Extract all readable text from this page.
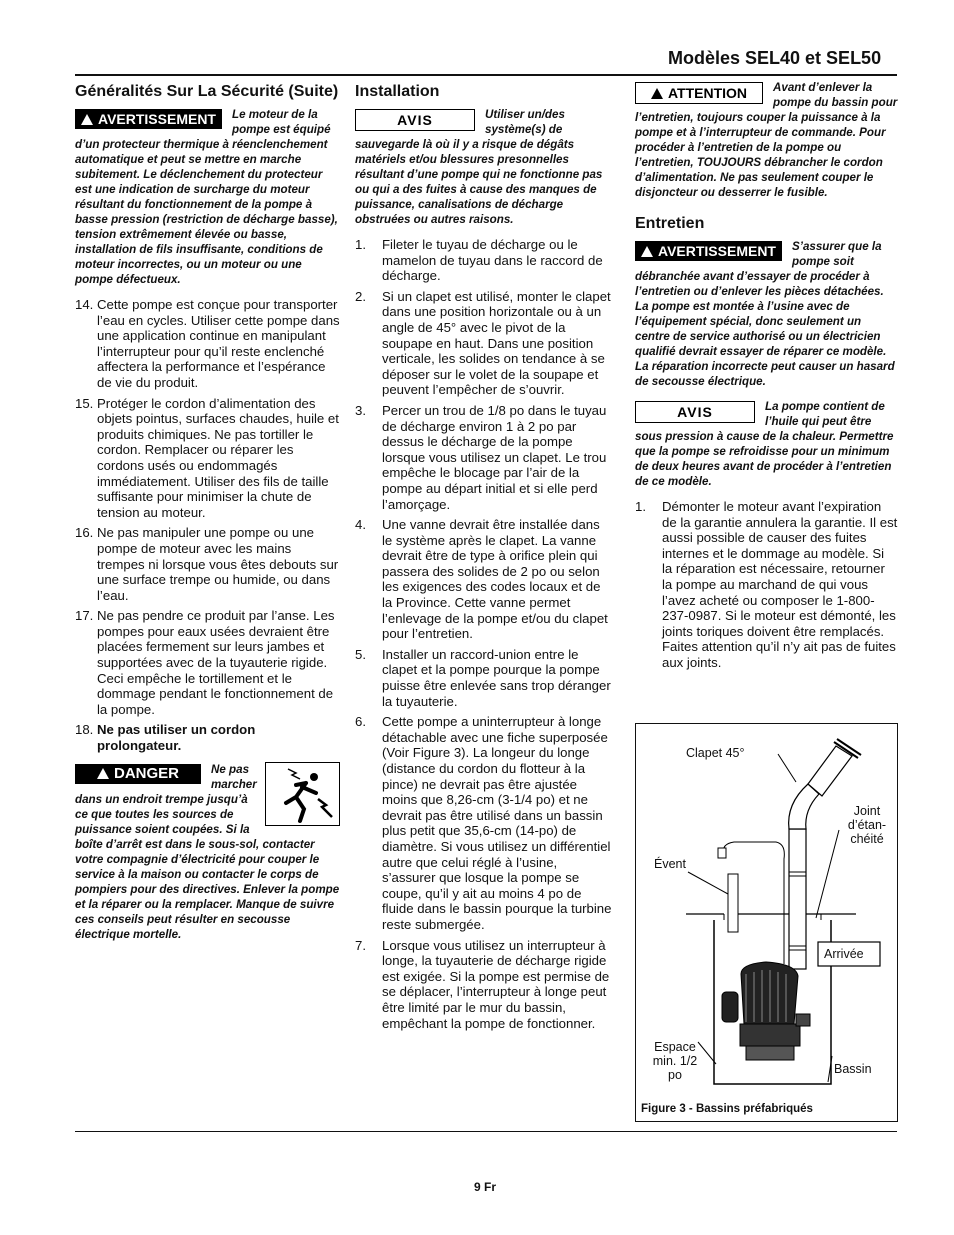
Modèles SEL40 et SEL50
Généralités Sur La Sécurité (Suite)
AVERTISSEMENT Le moteur de la pompe est équipé d’un protecteur thermique à réenclenchement automatique et peut se mettre en marche subitement. Le déclenchement du protecteur est une indication de surcharge du moteur résultant du fonctionnement de la pompe à basse pression (restriction de décharge basse), tension extrêmement élevée ou basse, installation de fils insuffisante, conditions de moteur incorrectes, ou un moteur ou une pompe défectueux.
14. Cette pompe est conçue pour transporter l’eau en cycles. Utiliser cette pompe dans une application continue en manipulant l’interrupteur pour qu’il reste enclenché affectera la performance et l’espérance de vie du produit.
15. Protéger le cordon d’alimentation des objets pointus, surfaces chaudes, huile et produits chimiques. Ne pas tortiller le cordon. Remplacer ou réparer les cordons usés ou endommagés immédiatement. Utiliser des fils de taille suffisante pour minimiser la chute de tension au moteur.
16. Ne pas manipuler une pompe ou une pompe de moteur avec les mains trempes ni lorsque vous êtes debouts sur une surface trempe ou humide, ou dans l’eau.
17. Ne pas pendre ce produit par l’anse. Les pompes pour eaux usées devraient être placées fermement sur leurs jambes et supportées avec de la tuyauterie rigide. Ceci empêche le tortillement et le dommage pendant le fonctionnement de la pompe.
18. Ne pas utiliser un cordon prolongateur.
DANGER	Ne pas marcher dans un endroit trempe jusqu’à ce que toutes les sources de puissance soient coupées. Si la boîte d’arrêt est dans le sous-sol, contacter votre compagnie d’électricité pour couper le service à la maison ou contacter le corps de pompiers pour des directives. Enlever la pompe et la réparer ou la remplacer. Manque de suivre ces conseils peut résulter en secousse électrique mortelle.
Installation
AVIS	Utiliser un/des système(s) de sauvegarde là où il y a risque de dégâts matériels et/ou blessures presonnelles résultant d’une pompe qui ne fonctionne pas ou qui a des fuites à cause des manques de puissance, canalisations de décharge obstruées ou autres raisons.
1. Fileter le tuyau de décharge ou le mamelon de tuyau dans le raccord de décharge.
2. Si un clapet est utilisé, monter le clapet dans une position horizontale ou à un angle de 45° avec le pivot de la soupape en haut. Dans une position verticale, les solides on tendance à se déposer sur le volet de la soupape et peuvent l’empêcher de s’ouvrir.
3. Percer un trou de 1/8 po dans le tuyau de décharge environ 1 à 2 po par dessus le décharge de la pompe lorsque vous utilisez un clapet. Le trou empêche le blocage par l’air de la pompe au départ initial et si elle perd l’amorçage.
4. Une vanne devrait être installée dans le système après le clapet. La vanne devrait être de type à orifice plein qui passera des solides de 2 po ou selon les exigences des codes locaux et de la Province. Cette vanne permet l’enlevage de la pompe et/ou du clapet pour l’entretien.
5. Installer un raccord-union entre le clapet et la pompe pourque la pompe puisse être enlevée sans trop déranger la tuyauterie.
6. Cette pompe a uninterrupteur à longe détachable avec une fiche superposée (Voir Figure 3). La longeur du longe (distance du cordon du flotteur à la pince) ne devrait pas être ajustée moins que 8,26-cm (3-1/4 po) et ne devrait pas être utilisé dans un bassin plus petit que 35,6-cm (14-po) de diamètre. Si vous utilisez un différentiel autre que celui réglé à l’usine, s’assurer que losque la pompe se coupe, qu’il y ait au moins 4 po de fluide dans le bassin pourque la turbine reste submergée.
7. Lorsque vous utilisez un interrupteur à longe, la tuyauterie de décharge rigide est exigée. Si la pompe est permise de se déplacer, l’interrupteur à longe peut être limité par le mur du bassin, empêchant la pompe de fonctionner.
ATTENTION Avant d’enlever la pompe du bassin pour l’entretien, toujours couper la puissance à la pompe et à l’interrupteur de commande. Pour procéder à l’entretien de la pompe ou l’entretien, TOUJOURS débrancher le cordon d’alimentation. Ne pas seulement couper le disjoncteur ou desserrer le fusible.
Entretien
AVERTISSEMENT S’assurer que la pompe soit débranchée avant d’essayer de procéder à l’entretien ou d’enlever les pièces détachées. La pompe est montée à l’usine avec de l’équipement spécial, donc seulement un centre de service authorisé ou un électricien qualifié devrait essayer de réparer ce modèle. La réparation incorrecte peut causer un hasard de secousse électrique.
AVIS	La pompe contient de l’huile qui peut être sous pression à cause de la chaleur. Permettre que la pompe se refroidisse pour un minimum de deux heures avant de procéder à l’entretien de ce modèle.
1. Démonter le moteur avant l’expiration de la garantie annulera la garantie. Il est aussi possible de causer des fuites internes et le dommage au modèle. Si la réparation est nécessaire, retourner la pompe au marchand de qui vous l’avez acheté ou composer le 1-800-237-0987. Si le moteur est démonté, les joints toriques doivent être remplacés. Faites attention qu’il n’y ait pas de fuites aux joints.
Clapet 45°
Joint d’étan-chéité
Évent
Arrivée
Espace min. 1/2 po	Bassin
Figure 3 - Bassins préfabriqués
9 Fr
